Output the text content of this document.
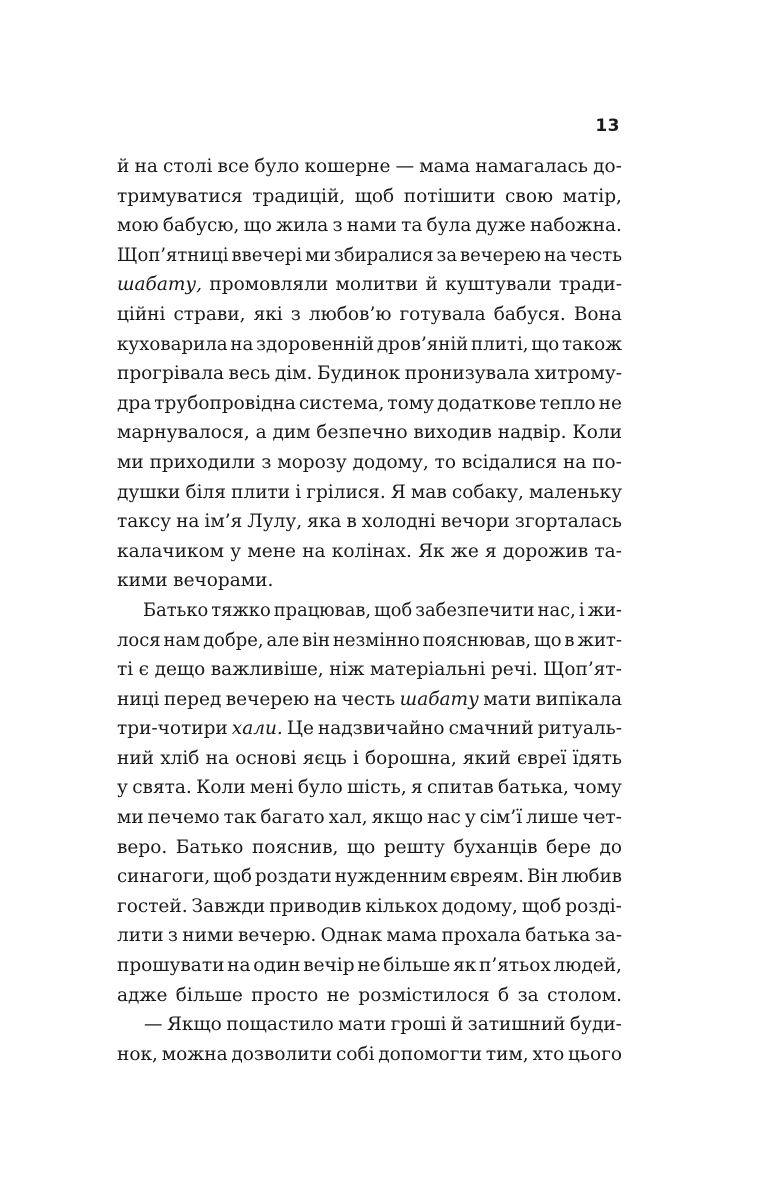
13
й на столі все було кошерне — мама намагалась до-
тримуватися традицій, щоб потішити свою матір,
мою бабусю, що жила з нами та була дуже набожна.
Щоп’ятниці ввечері ми збиралися за вечерею на честь
шабату, промовляли молитви й куштували тради-
ційні страви, які з любов’ю готувала бабуся. Вона
куховарила на здоровенній дров’яній плиті, що також
прогрівала весь дім. Будинок пронизувала хитрому-
дра трубопровідна система, тому додаткове тепло не
марнувалося, а дим безпечно виходив надвір. Коли
ми приходили з морозу додому, то всідалися на по-
душки біля плити і грілися. Я мав собаку, маленьку
таксу на ім’я Лулу, яка в холодні вечори згорталась
калачиком у мене на колінах. Як же я дорожив та-
кими вечорами.
Батько тяжко працював, щоб забезпечити нас, і жи-
лося нам добре, але він незмінно пояснював, що в жит-
ті є дещо важливіше, ніж матеріальні речі. Щоп’ят-
ниці перед вечерею на честь шабату мати випікала
три-чотири хали. Це надзвичайно смачний ритуаль-
ний хліб на основі яєць і борошна, який євреї їдять
у свята. Коли мені було шість, я спитав батька, чому
ми печемо так багато хал, якщо нас у сім’ї лише чет-
веро. Батько пояснив, що решту буханців бере до
синагоги, щоб роздати нужденним євреям. Він любив
гостей. Завжди приводив кількох додому, щоб розді-
лити з ними вечерю. Однак мама прохала батька за-
прошувати на один вечір не більше як п’ятьох людей,
адже більше просто не розмістилося б за столом.
— Якщо пощастило мати гроші й затишний буди-
нок, можна дозволити собі допомогти тим, хто цього
